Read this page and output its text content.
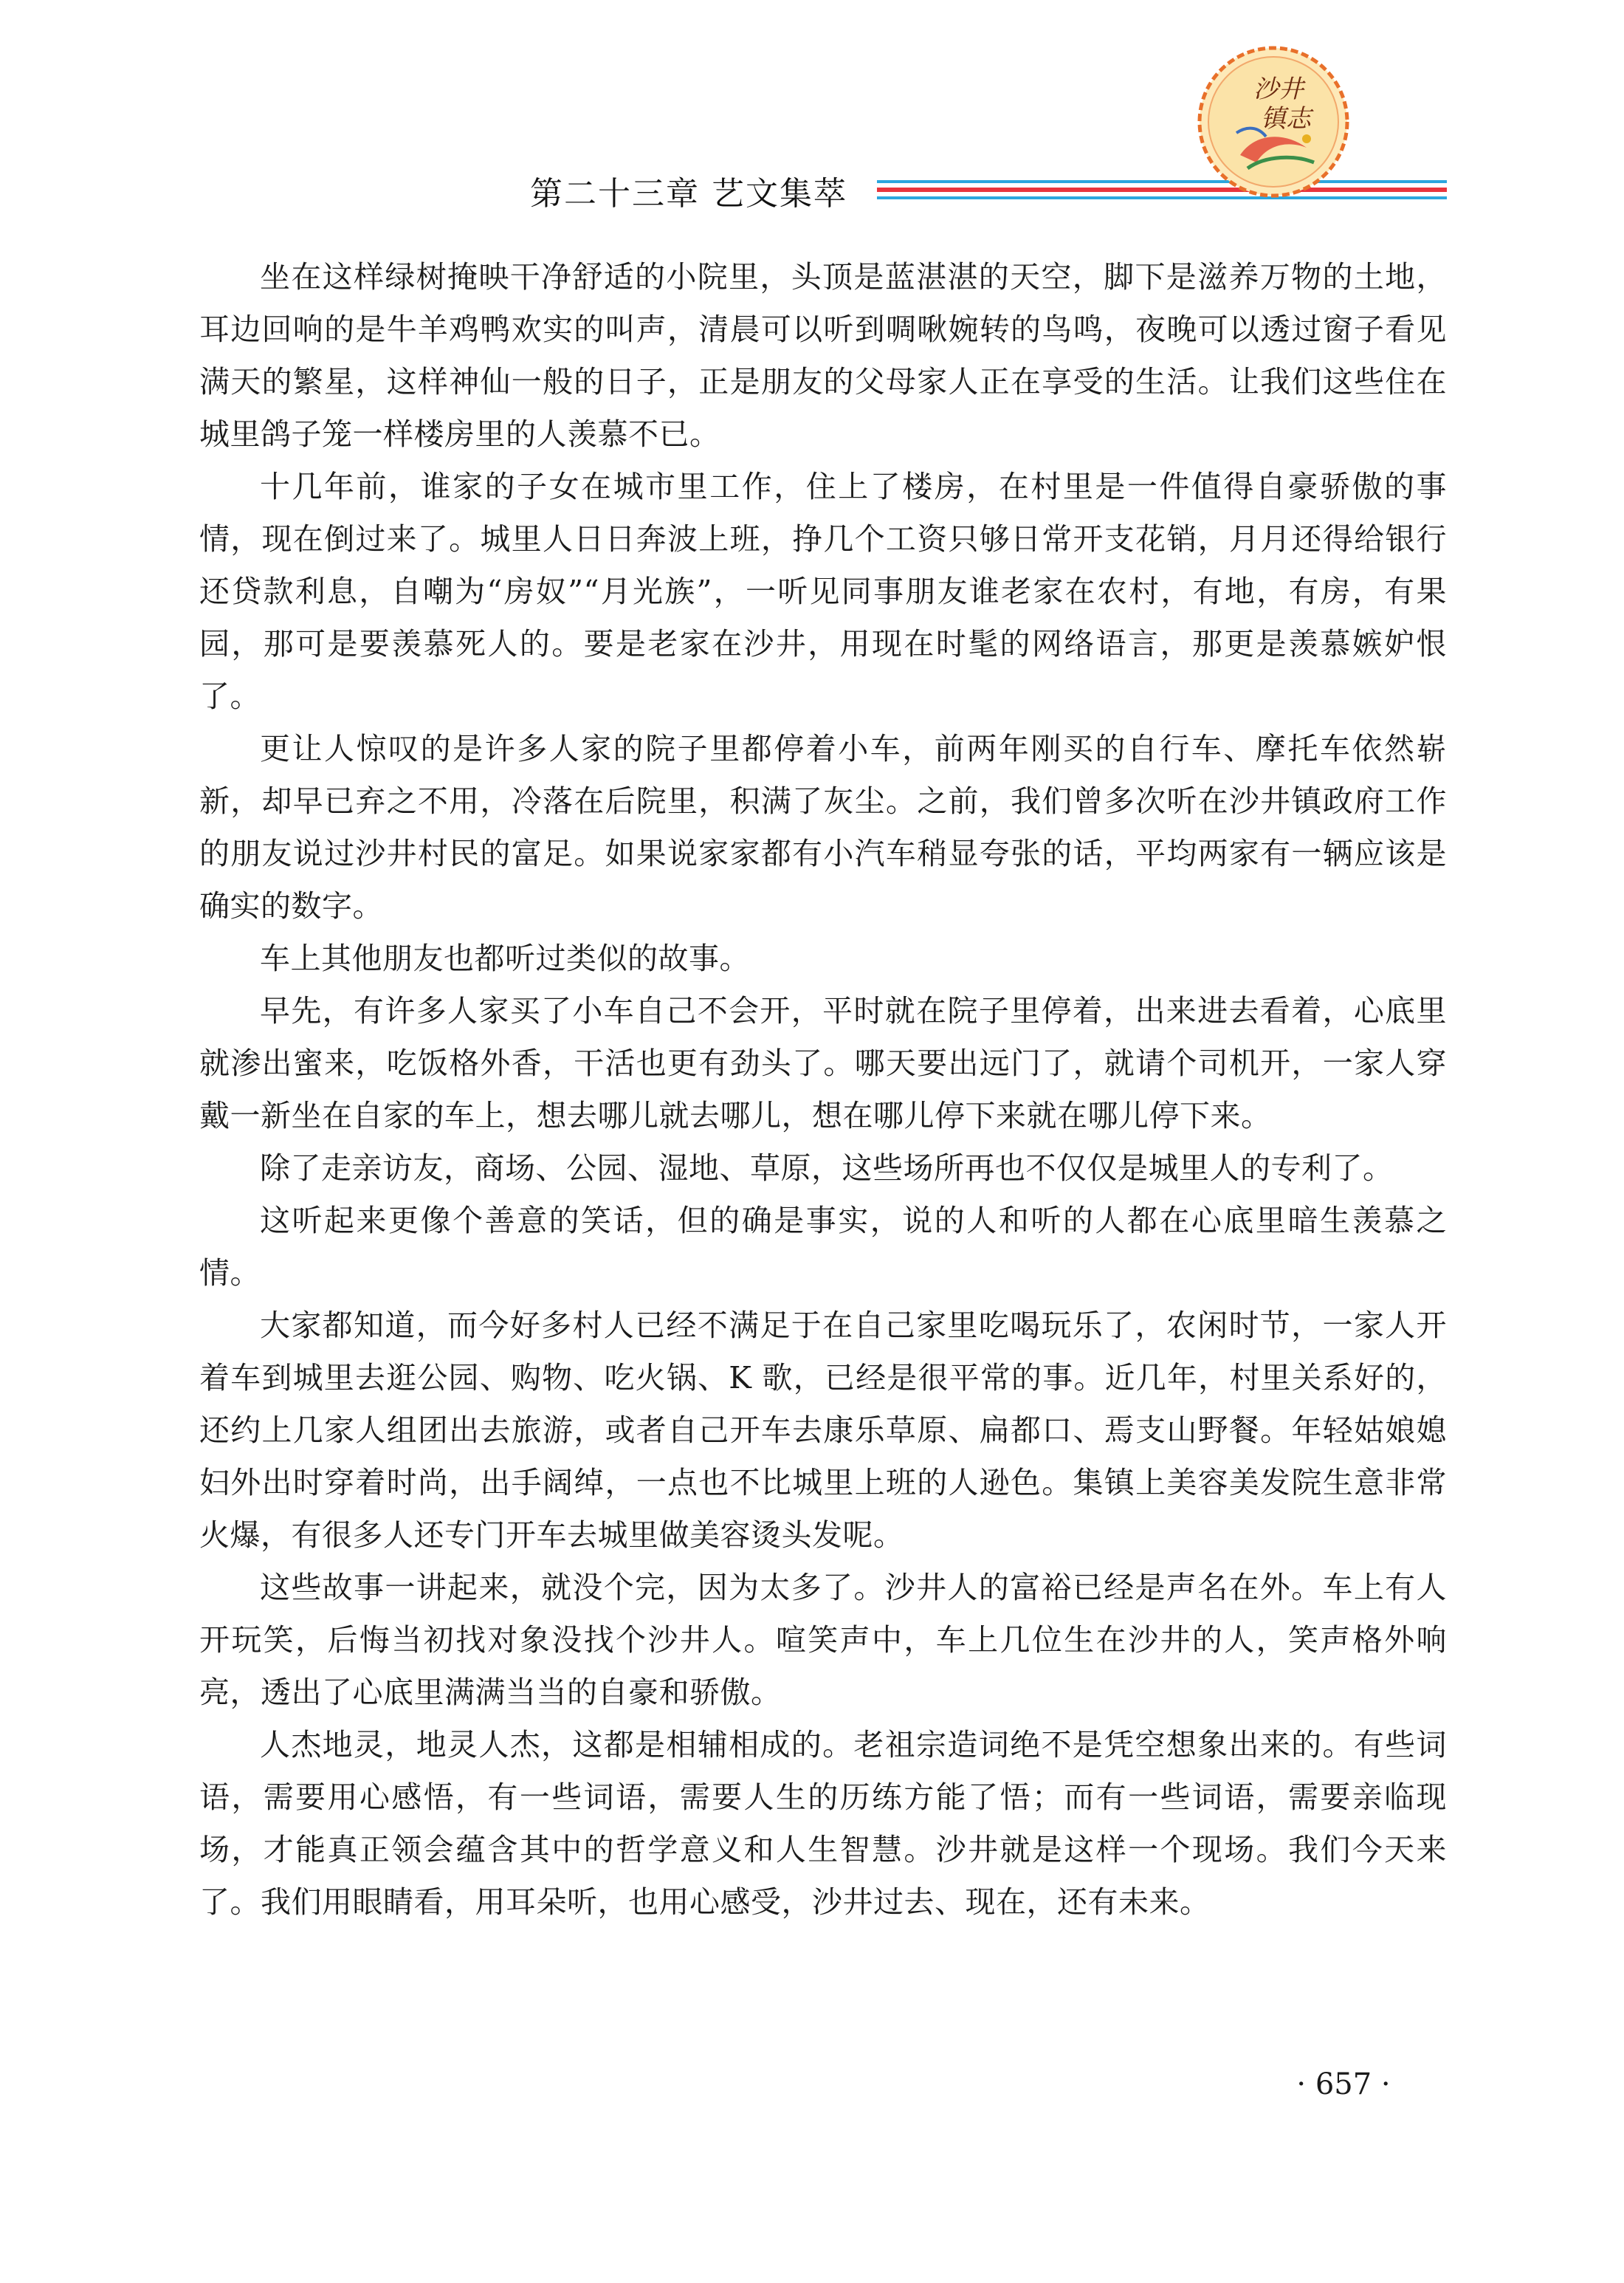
第二十三章 艺文集萃
沙井
镇志

坐在这样绿树掩映干净舒适的小院里，头顶是蓝湛湛的天空，脚下是滋养万物的土地，耳边回响的是牛羊鸡鸭欢实的叫声，清晨可以听到啁啾婉转的鸟鸣，夜晚可以透过窗子看见满天的繁星，这样神仙一般的日子，正是朋友的父母家人正在享受的生活。让我们这些住在城里鸽子笼一样楼房里的人羡慕不已。

十几年前，谁家的子女在城市里工作，住上了楼房，在村里是一件值得自豪骄傲的事情，现在倒过来了。城里人日日奔波上班，挣几个工资只够日常开支花销，月月还得给银行还贷款利息，自嘲为“房奴”“月光族”，一听见同事朋友谁老家在农村，有地，有房，有果园，那可是要羡慕死人的。要是老家在沙井，用现在时髦的网络语言，那更是羡慕嫉妒恨了。

更让人惊叹的是许多人家的院子里都停着小车，前两年刚买的自行车、摩托车依然崭新，却早已弃之不用，冷落在后院里，积满了灰尘。之前，我们曾多次听在沙井镇政府工作的朋友说过沙井村民的富足。如果说家家都有小汽车稍显夸张的话，平均两家有一辆应该是确实的数字。

车上其他朋友也都听过类似的故事。

早先，有许多人家买了小车自己不会开，平时就在院子里停着，出来进去看着，心底里就渗出蜜来，吃饭格外香，干活也更有劲头了。哪天要出远门了，就请个司机开，一家人穿戴一新坐在自家的车上，想去哪儿就去哪儿，想在哪儿停下来就在哪儿停下来。

除了走亲访友，商场、公园、湿地、草原，这些场所再也不仅仅是城里人的专利了。

这听起来更像个善意的笑话，但的确是事实，说的人和听的人都在心底里暗生羡慕之情。

大家都知道，而今好多村人已经不满足于在自己家里吃喝玩乐了，农闲时节，一家人开着车到城里去逛公园、购物、吃火锅、K 歌，已经是很平常的事。近几年，村里关系好的，还约上几家人组团出去旅游，或者自己开车去康乐草原、扁都口、焉支山野餐。年轻姑娘媳妇外出时穿着时尚，出手阔绰，一点也不比城里上班的人逊色。集镇上美容美发院生意非常火爆，有很多人还专门开车去城里做美容烫头发呢。

这些故事一讲起来，就没个完，因为太多了。沙井人的富裕已经是声名在外。车上有人开玩笑，后悔当初找对象没找个沙井人。喧笑声中，车上几位生在沙井的人，笑声格外响亮，透出了心底里满满当当的自豪和骄傲。

人杰地灵，地灵人杰，这都是相辅相成的。老祖宗造词绝不是凭空想象出来的。有些词语，需要用心感悟，有一些词语，需要人生的历练方能了悟；而有一些词语，需要亲临现场，才能真正领会蕴含其中的哲学意义和人生智慧。沙井就是这样一个现场。我们今天来了。我们用眼睛看，用耳朵听，也用心感受，沙井过去、现在，还有未来。

· 657 ·
